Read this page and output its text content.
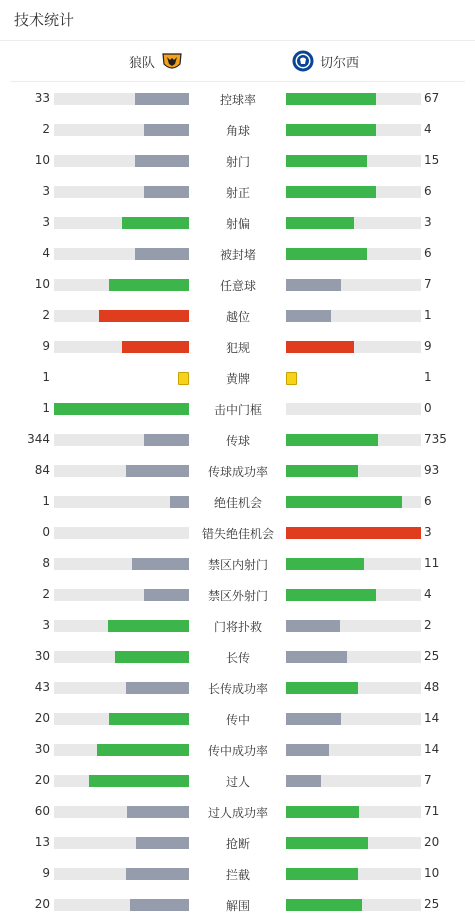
技术统计
狼队	切尔西
33	控球率	67
2	角球	4
10	射门	15
3	射正	6
3	射偏	3
4	被封堵	6
10	任意球	7
2	越位	1
9	犯规	9
1	黄牌	1
1	击中门框	0
344	传球	735
84	传球成功率	93
1	绝佳机会	6
0	错失绝佳机会	3
8	禁区内射门	11
2	禁区外射门	4
3	门将扑救	2
30	长传	25
43	长传成功率	48
20	传中	14
30	传中成功率	14
20	过人	7
60	过人成功率	71
13	抢断	20
9	拦截	10
20	解围	25
